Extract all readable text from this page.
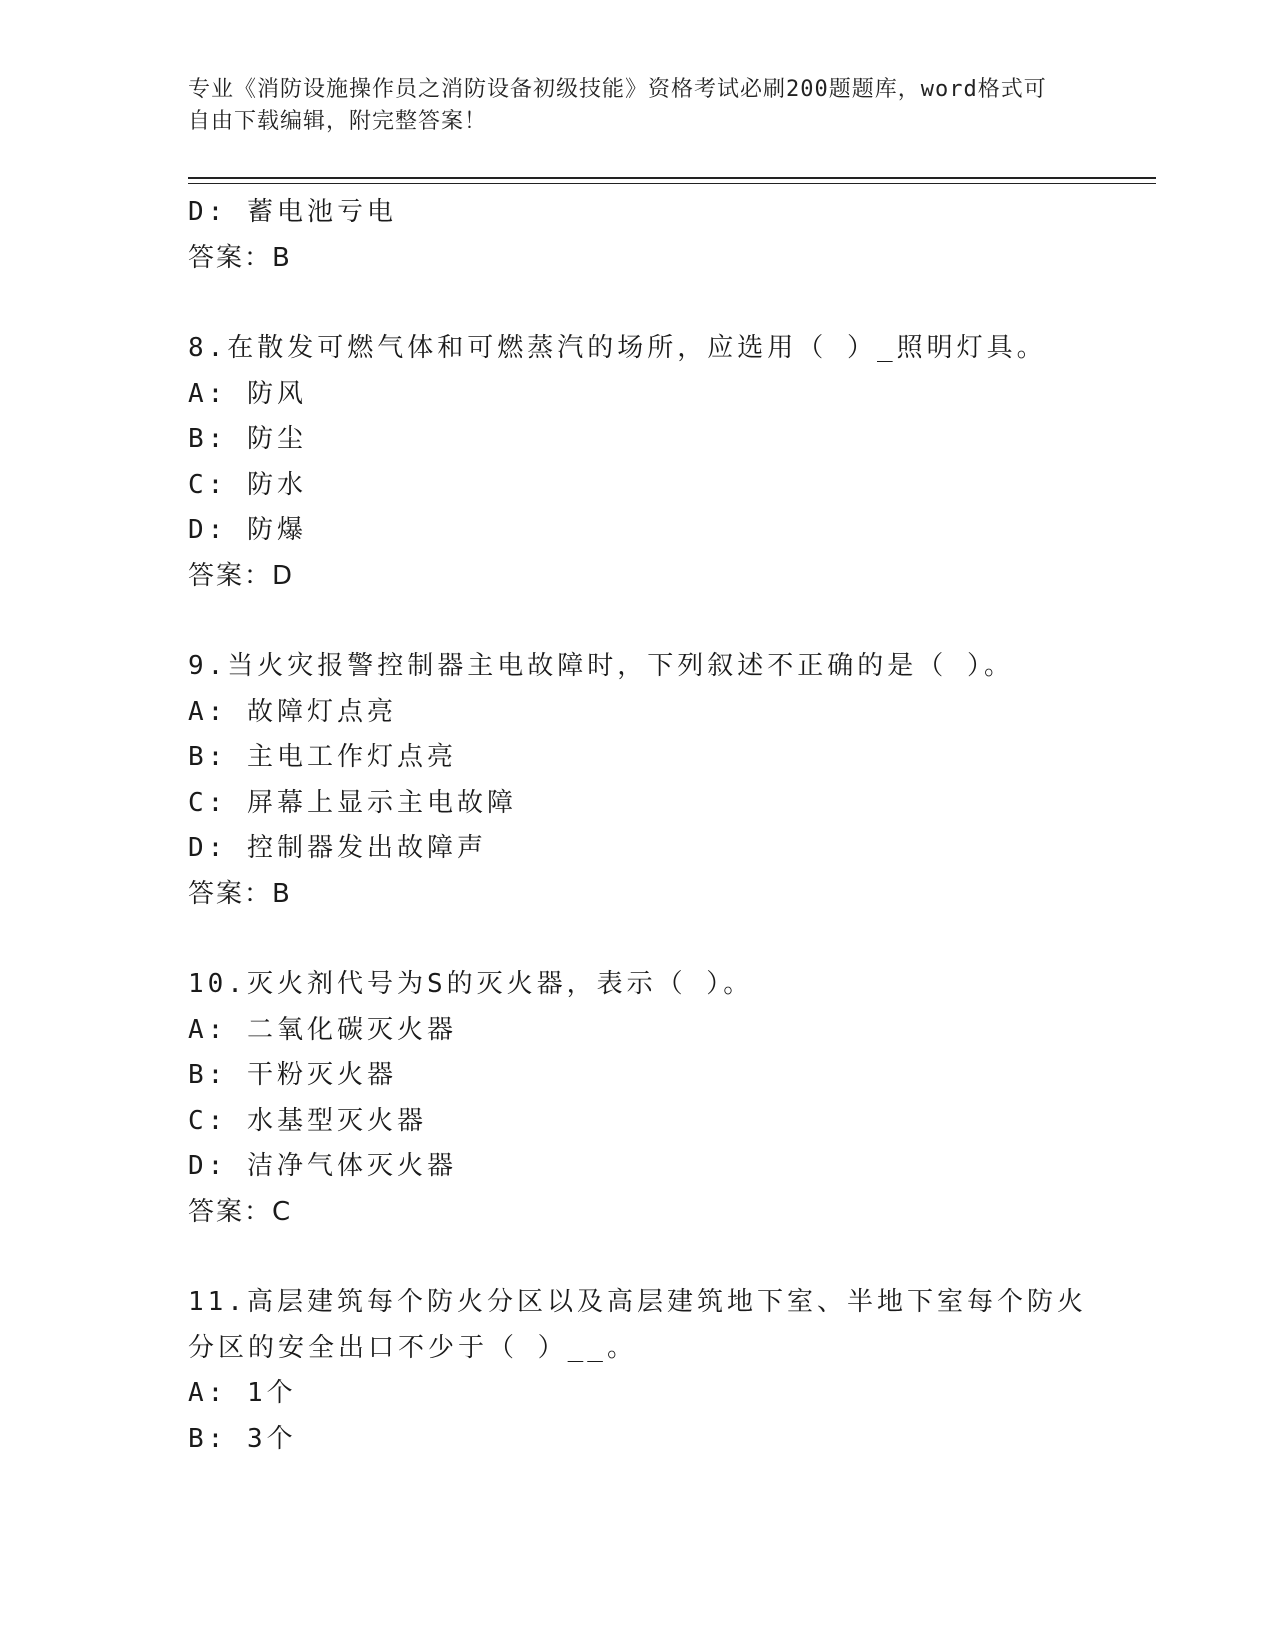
专业《消防设施操作员之消防设备初级技能》资格考试必刷200题题库，word格式可自由下载编辑，附完整答案！
D: 蓄电池亏电
答案：B
8.在散发可燃气体和可燃蒸汽的场所，应选用（ ）_照明灯具。
A: 防风
B: 防尘
C: 防水
D: 防爆
答案：D
9.当火灾报警控制器主电故障时，下列叙述不正确的是（ ）。
A: 故障灯点亮
B: 主电工作灯点亮
C: 屏幕上显示主电故障
D: 控制器发出故障声
答案：B
10.灭火剂代号为S的灭火器，表示（ ）。
A: 二氧化碳灭火器
B: 干粉灭火器
C: 水基型灭火器
D: 洁净气体灭火器
答案：C
11.高层建筑每个防火分区以及高层建筑地下室、半地下室每个防火分区的安全出口不少于（ ）__。
A: 1个
B: 3个
